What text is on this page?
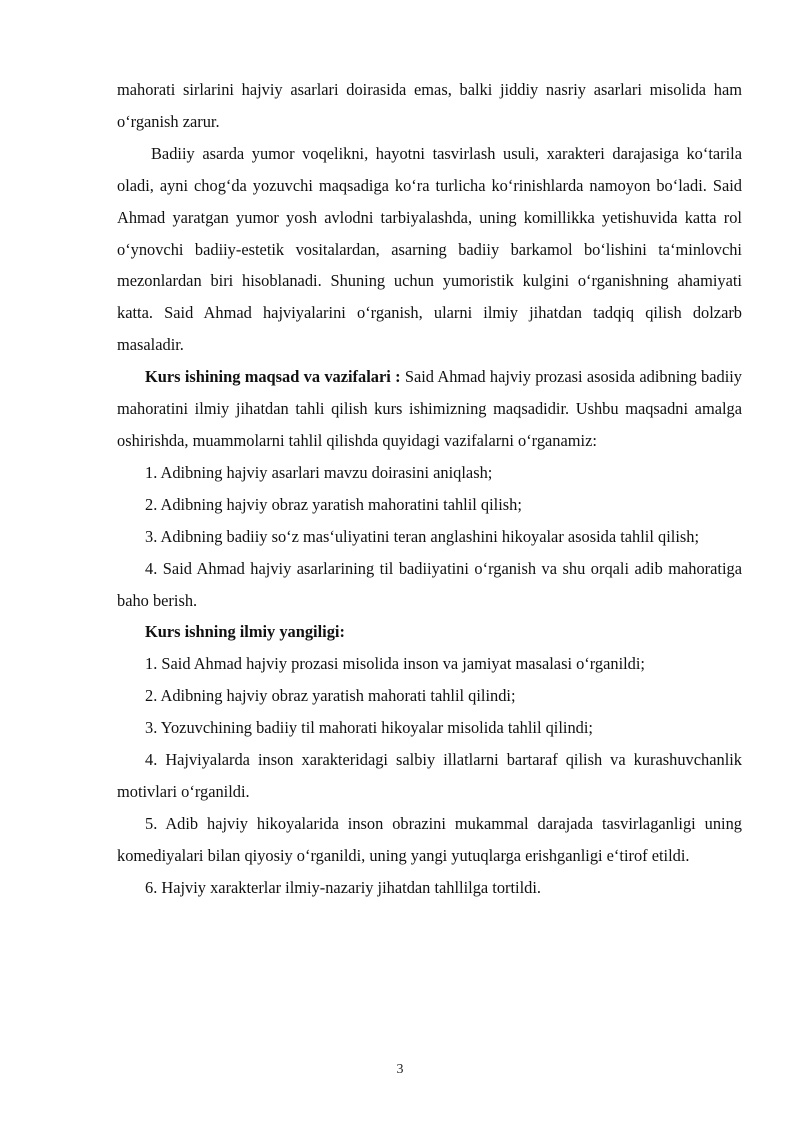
mahorati sirlarini hajviy asarlari doirasida emas, balki jiddiy nasriy asarlari misolida ham o‘rganish zarur.

Badiiy asarda yumor voqelikni, hayotni tasvirlash usuli, xarakteri darajasiga ko‘tarila oladi, ayni chog‘da yozuvchi maqsadiga ko‘ra turlicha ko‘rinishlarda namoyon bo‘ladi. Said Ahmad yaratgan yumor yosh avlodni tarbiyalashda, uning komillikka yetishuvida katta rol o‘ynovchi badiiy-estetik vositalardan, asarning badiiy barkamol bo‘lishini ta‘minlovchi mezonlardan biri hisoblanadi. Shuning uchun yumoristik kulgini o‘rganishning ahamiyati katta. Said Ahmad hajviyalarini o‘rganish, ularni ilmiy jihatdan tadqiq qilish dolzarb masaladir.

Kurs ishining maqsad va vazifalari : Said Ahmad hajviy prozasi asosida adibning badiiy mahoratini ilmiy jihatdan tahli qilish kurs ishimizning maqsadidir. Ushbu maqsadni amalga oshirishda, muammolarni tahlil qilishda quyidagi vazifalarni o‘rganamiz:

1. Adibning hajviy asarlari mavzu doirasini aniqlash;

2. Adibning hajviy obraz yaratish mahoratini tahlil qilish;

3. Adibning badiiy so‘z mas‘uliyatini teran anglashini hikoyalar asosida tahlil qilish;

4. Said Ahmad hajviy asarlarining til badiiyatini o‘rganish va shu orqali adib mahoratiga baho berish.

Kurs ishning ilmiy yangiligi:

1. Said Ahmad hajviy prozasi misolida inson va jamiyat masalasi o‘rganildi;

2. Adibning hajviy obraz yaratish mahorati tahlil qilindi;

3. Yozuvchining badiiy til mahorati hikoyalar misolida tahlil qilindi;

4. Hajviyalarda inson xarakteridagi salbiy illatlarni bartaraf qilish va kurashuvchanlik motivlari o‘rganildi.

5. Adib hajviy hikoyalarida inson obrazini mukammal darajada tasvirlaganligi uning komediyalari bilan qiyosiy o‘rganildi, uning yangi yutuqlarga erishganligi e‘tirof etildi.

6. Hajviy xarakterlar ilmiy-nazariy jihatdan tahllilga tortildi.

3
